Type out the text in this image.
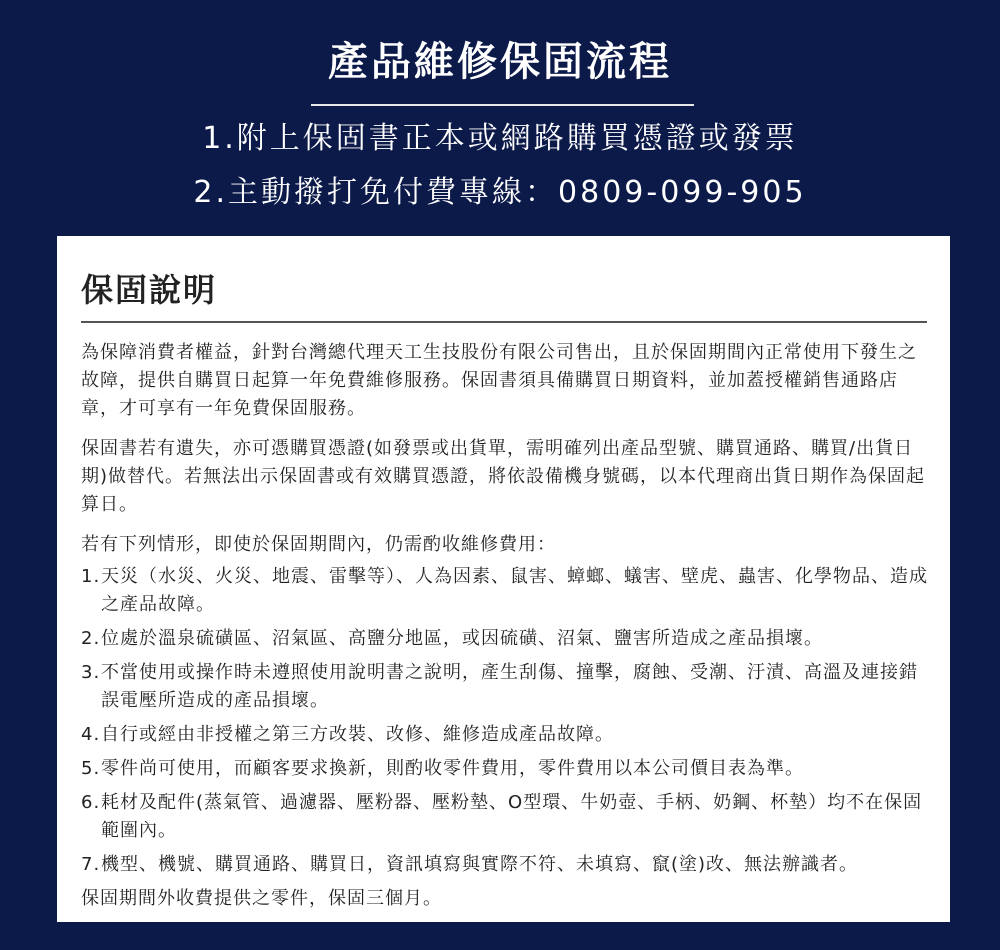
產品維修保固流程
1.附上保固書正本或網路購買憑證或發票
2.主動撥打免付費專線：0809-099-905
保固說明

為保障消費者權益，針對台灣總代理天工生技股份有限公司售出，且於保固期間內正常使用下發生之故障，提供自購買日起算一年免費維修服務。保固書須具備購買日期資料，並加蓋授權銷售通路店章，才可享有一年免費保固服務。

保固書若有遺失，亦可憑購買憑證(如發票或出貨單，需明確列出產品型號、購買通路、購買/出貨日期)做替代。若無法出示保固書或有效購買憑證，將依設備機身號碼，以本代理商出貨日期作為保固起算日。

若有下列情形，即使於保固期間內，仍需酌收維修費用：

1. 天災（水災、火災、地震、雷擊等）、人為因素、鼠害、蟑螂、蟻害、壁虎、蟲害、化學物品、造成之產品故障。
2. 位處於溫泉硫磺區、沼氣區、高鹽分地區，或因硫磺、沼氣、鹽害所造成之產品損壞。
3. 不當使用或操作時未遵照使用說明書之說明，產生刮傷、撞擊，腐蝕、受潮、汙漬、高溫及連接錯誤電壓所造成的產品損壞。
4. 自行或經由非授權之第三方改裝、改修、維修造成產品故障。
5. 零件尚可使用，而顧客要求換新，則酌收零件費用，零件費用以本公司價目表為準。
6. 耗材及配件(蒸氣管、過濾器、壓粉器、壓粉墊、O型環、牛奶壺、手柄、奶鋼、杯墊）均不在保固範圍內。
7. 機型、機號、購買通路、購買日，資訊填寫與實際不符、未填寫、竄(塗)改、無法辦識者。

保固期間外收費提供之零件，保固三個月。
